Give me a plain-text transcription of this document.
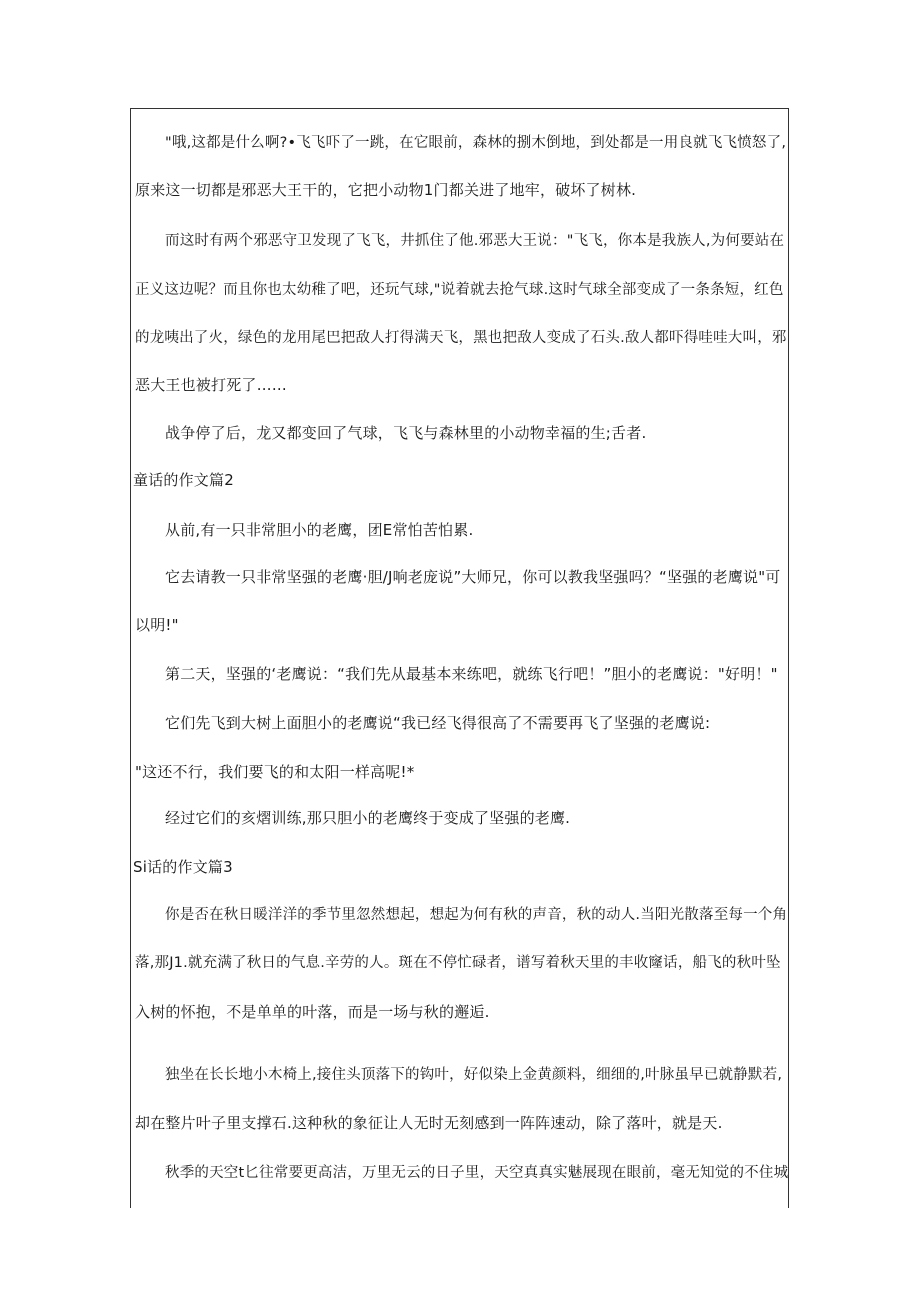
"哦,这都是什么啊?•飞飞吓了一跳，在它眼前，森林的捌木倒地，到处都是一用良就飞飞愤怒了,
原来这一切都是邪恶大王干的，它把小动物1门都关进了地牢，破坏了树林.
而这时有两个邪恶守卫发现了飞飞，井抓住了他.邪恶大王说："飞飞，你本是我族人,为何要站在
正义这边呢？而且你也太幼稚了吧，还玩气球,"说着就去抢气球.这时气球全部变成了一条条短，红色
的龙咦出了火，绿色的龙用尾巴把敌人打得满天飞，黑也把敌人变成了石头.敌人都吓得哇哇大叫，邪
恶大王也被打死了……
战争停了后，龙又都变回了气球，飞飞与森林里的小动物幸福的生;舌者.
童话的作文篇2
从前,有一只非常胆小的老鹰，团E常怕苦怕累.
它去请教一只非常坚强的老鹰·胆/J响老庞说”大师兄，你可以教我坚强吗？“坚强的老鹰说"可
以明!"
第二天，坚强的‘老鹰说：“我们先从最基本来练吧，就练飞行吧！”胆小的老鹰说："好明！"
它们先飞到大树上面胆小的老鹰说“我已经飞得很高了不需要再飞了坚强的老鹰说:
"这还不行，我们要飞的和太阳一样高呢!*
经过它们的亥熠训练,那只胆小的老鹰终于变成了坚强的老鹰.
Si话的作文篇3
你是否在秋日暖洋洋的季节里忽然想起，想起为何有秋的声音，秋的动人.当阳光散落至每一个角
落,那J1.就充满了秋日的气息.辛劳的人。斑在不停忙碌者，谱写着秋天里的丰收窿话，船飞的秋叶坠
入树的怀抱，不是单单的叶落，而是一场与秋的邂逅.
独坐在长长地小木椅上,接住头顶落下的钩叶，好似染上金黄颜料，细细的,叶脉虽早已就静默若,
却在整片叶子里支撑石.这种秋的象征让人无时无刻感到一阵阵速动，除了落叶，就是天.
秋季的天空t匕往常要更高洁，万里无云的日子里，天空真真实魅展现在眼前，毫无知觉的不住城
